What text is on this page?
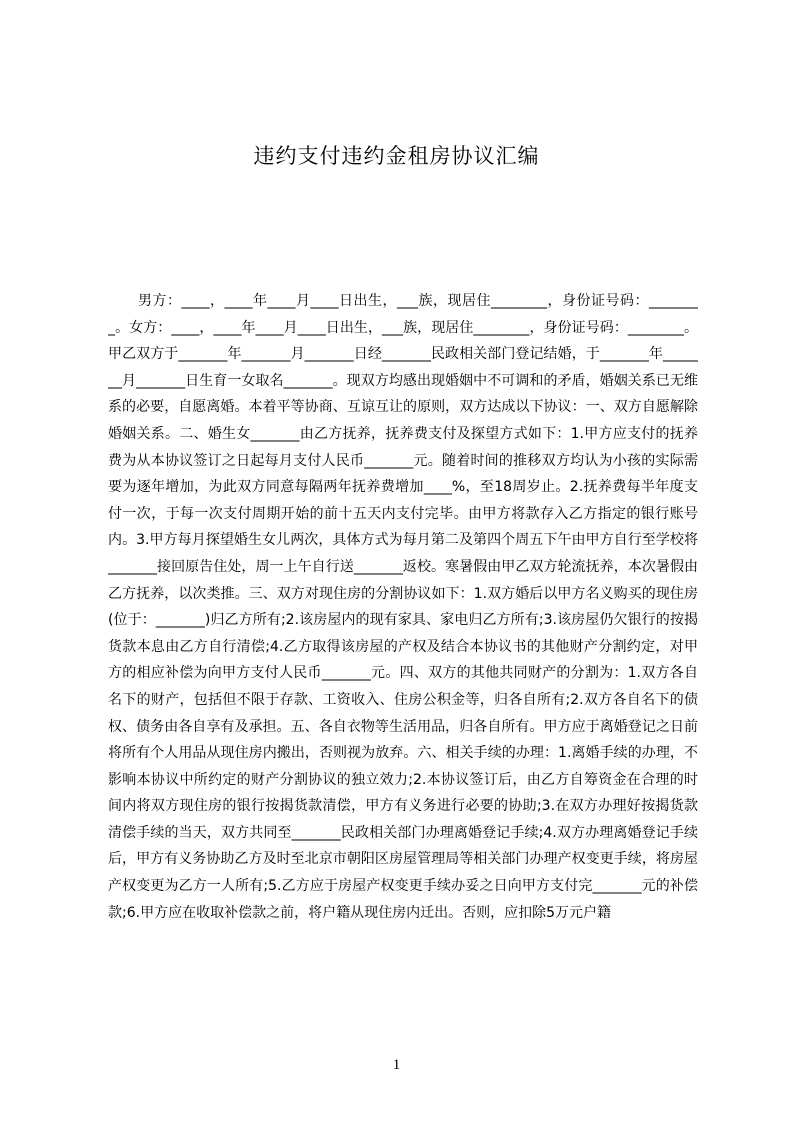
违约支付违约金租房协议汇编

男方：____，____年____月____日出生，___族，现居住________，身份证号码：________。女方：____，____年____月____日出生，___族，现居住________，身份证号码：________。甲乙双方于_______年_______月_______日经_______民政相关部门登记结婚，于_______年_______月_______日生育一女取名_______。现双方均感出现婚姻中不可调和的矛盾，婚姻关系已无维系的必要，自愿离婚。本着平等协商、互谅互让的原则，双方达成以下协议：一、双方自愿解除婚姻关系。二、婚生女_______由乙方抚养，抚养费支付及探望方式如下：1.甲方应支付的抚养费为从本协议签订之日起每月支付人民币_______元。随着时间的推移双方均认为小孩的实际需要为逐年增加，为此双方同意每隔两年抚养费增加____%，至18周岁止。2.抚养费每半年度支付一次，于每一次支付周期开始的前十五天内支付完毕。由甲方将款存入乙方指定的银行账号内。3.甲方每月探望婚生女儿两次，具体方式为每月第二及第四个周五下午由甲方自行至学校将_______接回原告住处，周一上午自行送_______返校。寒暑假由甲乙双方轮流抚养，本次暑假由乙方抚养，以次类推。三、双方对现住房的分割协议如下：1.双方婚后以甲方名义购买的现住房(位于：_______)归乙方所有;2.该房屋内的现有家具、家电归乙方所有;3.该房屋仍欠银行的按揭货款本息由乙方自行清偿;4.乙方取得该房屋的产权及结合本协议书的其他财产分割约定，对甲方的相应补偿为向甲方支付人民币_______元。四、双方的其他共同财产的分割为：1.双方各自名下的财产，包括但不限于存款、工资收入、住房公积金等，归各自所有;2.双方各自名下的债权、债务由各自享有及承担。五、各自衣物等生活用品，归各自所有。甲方应于离婚登记之日前将所有个人用品从现住房内搬出，否则视为放弃。六、相关手续的办理：1.离婚手续的办理，不影响本协议中所约定的财产分割协议的独立效力;2.本协议签订后，由乙方自筹资金在合理的时间内将双方现住房的银行按揭货款清偿，甲方有义务进行必要的协助;3.在双方办理好按揭货款清偿手续的当天，双方共同至_______民政相关部门办理离婚登记手续;4.双方办理离婚登记手续后，甲方有义务协助乙方及时至北京市朝阳区房屋管理局等相关部门办理产权变更手续，将房屋产权变更为乙方一人所有;5.乙方应于房屋产权变更手续办妥之日向甲方支付完_______元的补偿款;6.甲方应在收取补偿款之前，将户籍从现住房内迁出。否则，应扣除5万元户籍

1
